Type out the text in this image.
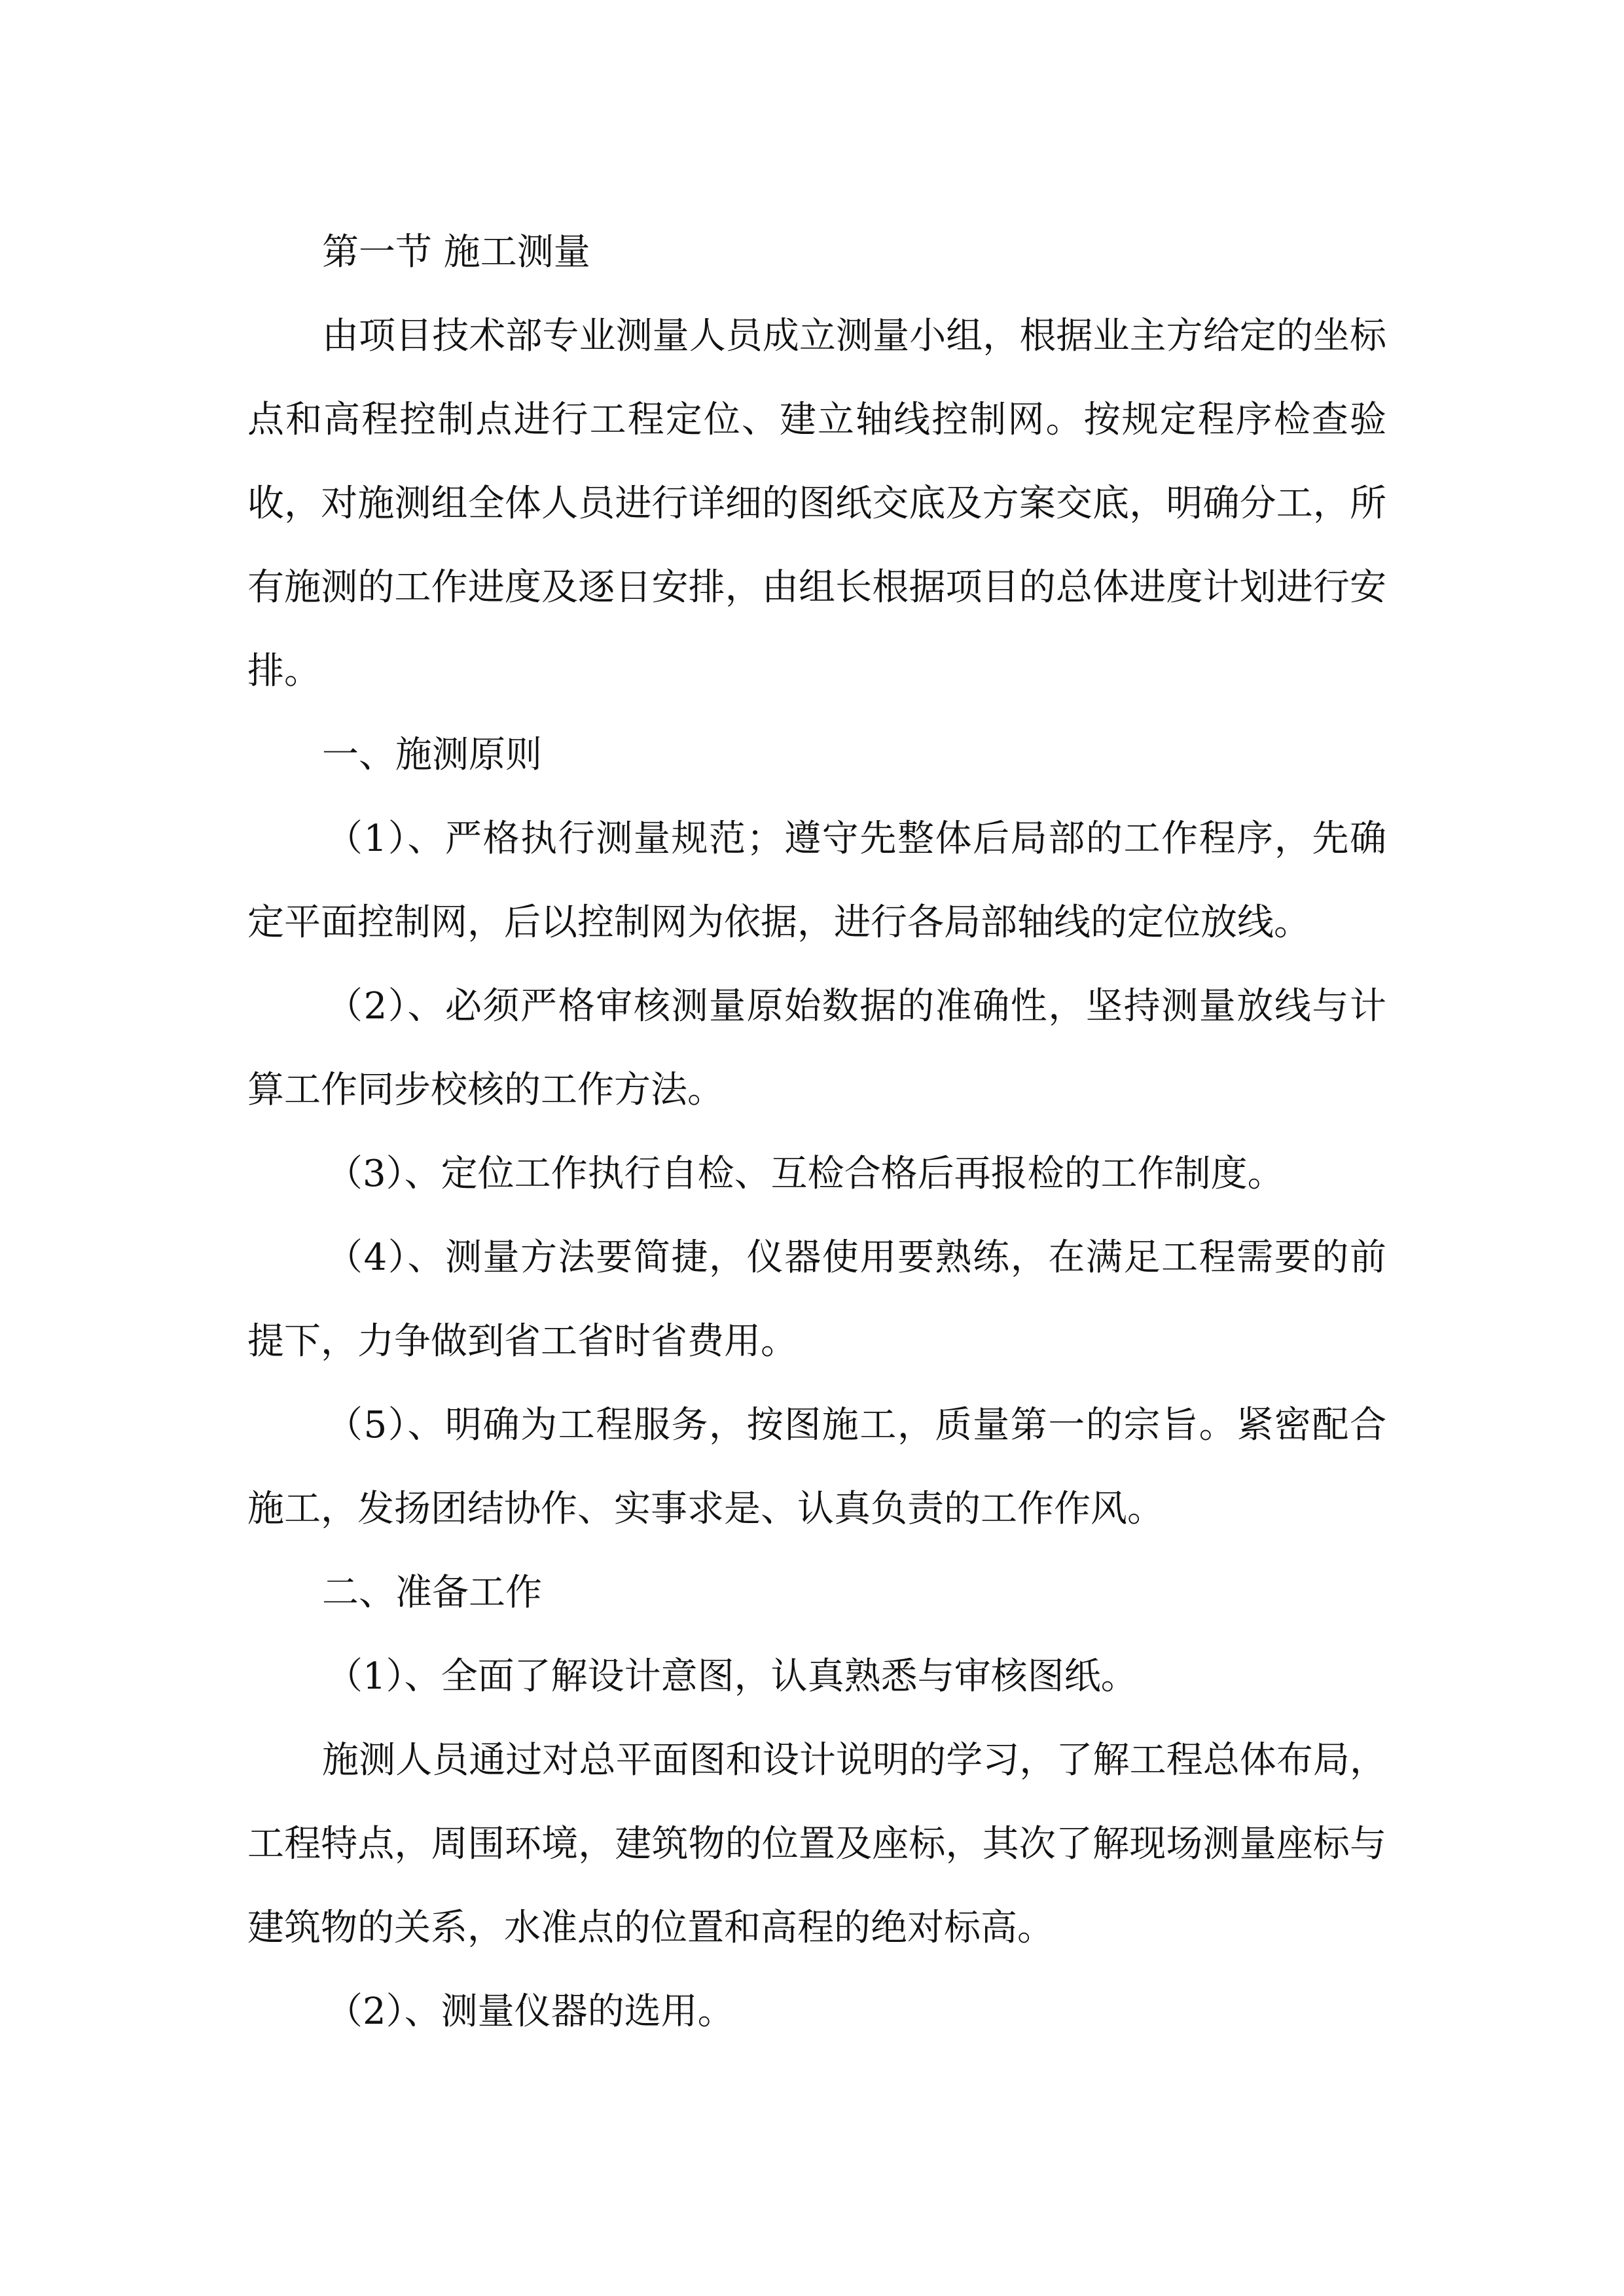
第一节 施工测量

由项目技术部专业测量人员成立测量小组，根据业主方给定的坐标点和高程控制点进行工程定位、建立轴线控制网。按规定程序检查验收，对施测组全体人员进行详细的图纸交底及方案交底，明确分工，所有施测的工作进度及逐日安排，由组长根据项目的总体进度计划进行安排。

一、施测原则

（1）、严格执行测量规范；遵守先整体后局部的工作程序，先确定平面控制网，后以控制网为依据，进行各局部轴线的定位放线。

（2）、必须严格审核测量原始数据的准确性，坚持测量放线与计算工作同步校核的工作方法。

（3）、定位工作执行自检、互检合格后再报检的工作制度。

（4）、测量方法要简捷，仪器使用要熟练，在满足工程需要的前提下，力争做到省工省时省费用。

（5）、明确为工程服务，按图施工，质量第一的宗旨。紧密配合施工，发扬团结协作、实事求是、认真负责的工作作风。

二、准备工作

（1）、全面了解设计意图，认真熟悉与审核图纸。

施测人员通过对总平面图和设计说明的学习，了解工程总体布局，工程特点，周围环境，建筑物的位置及座标，其次了解现场测量座标与建筑物的关系，水准点的位置和高程的绝对标高。

（2）、测量仪器的选用。
